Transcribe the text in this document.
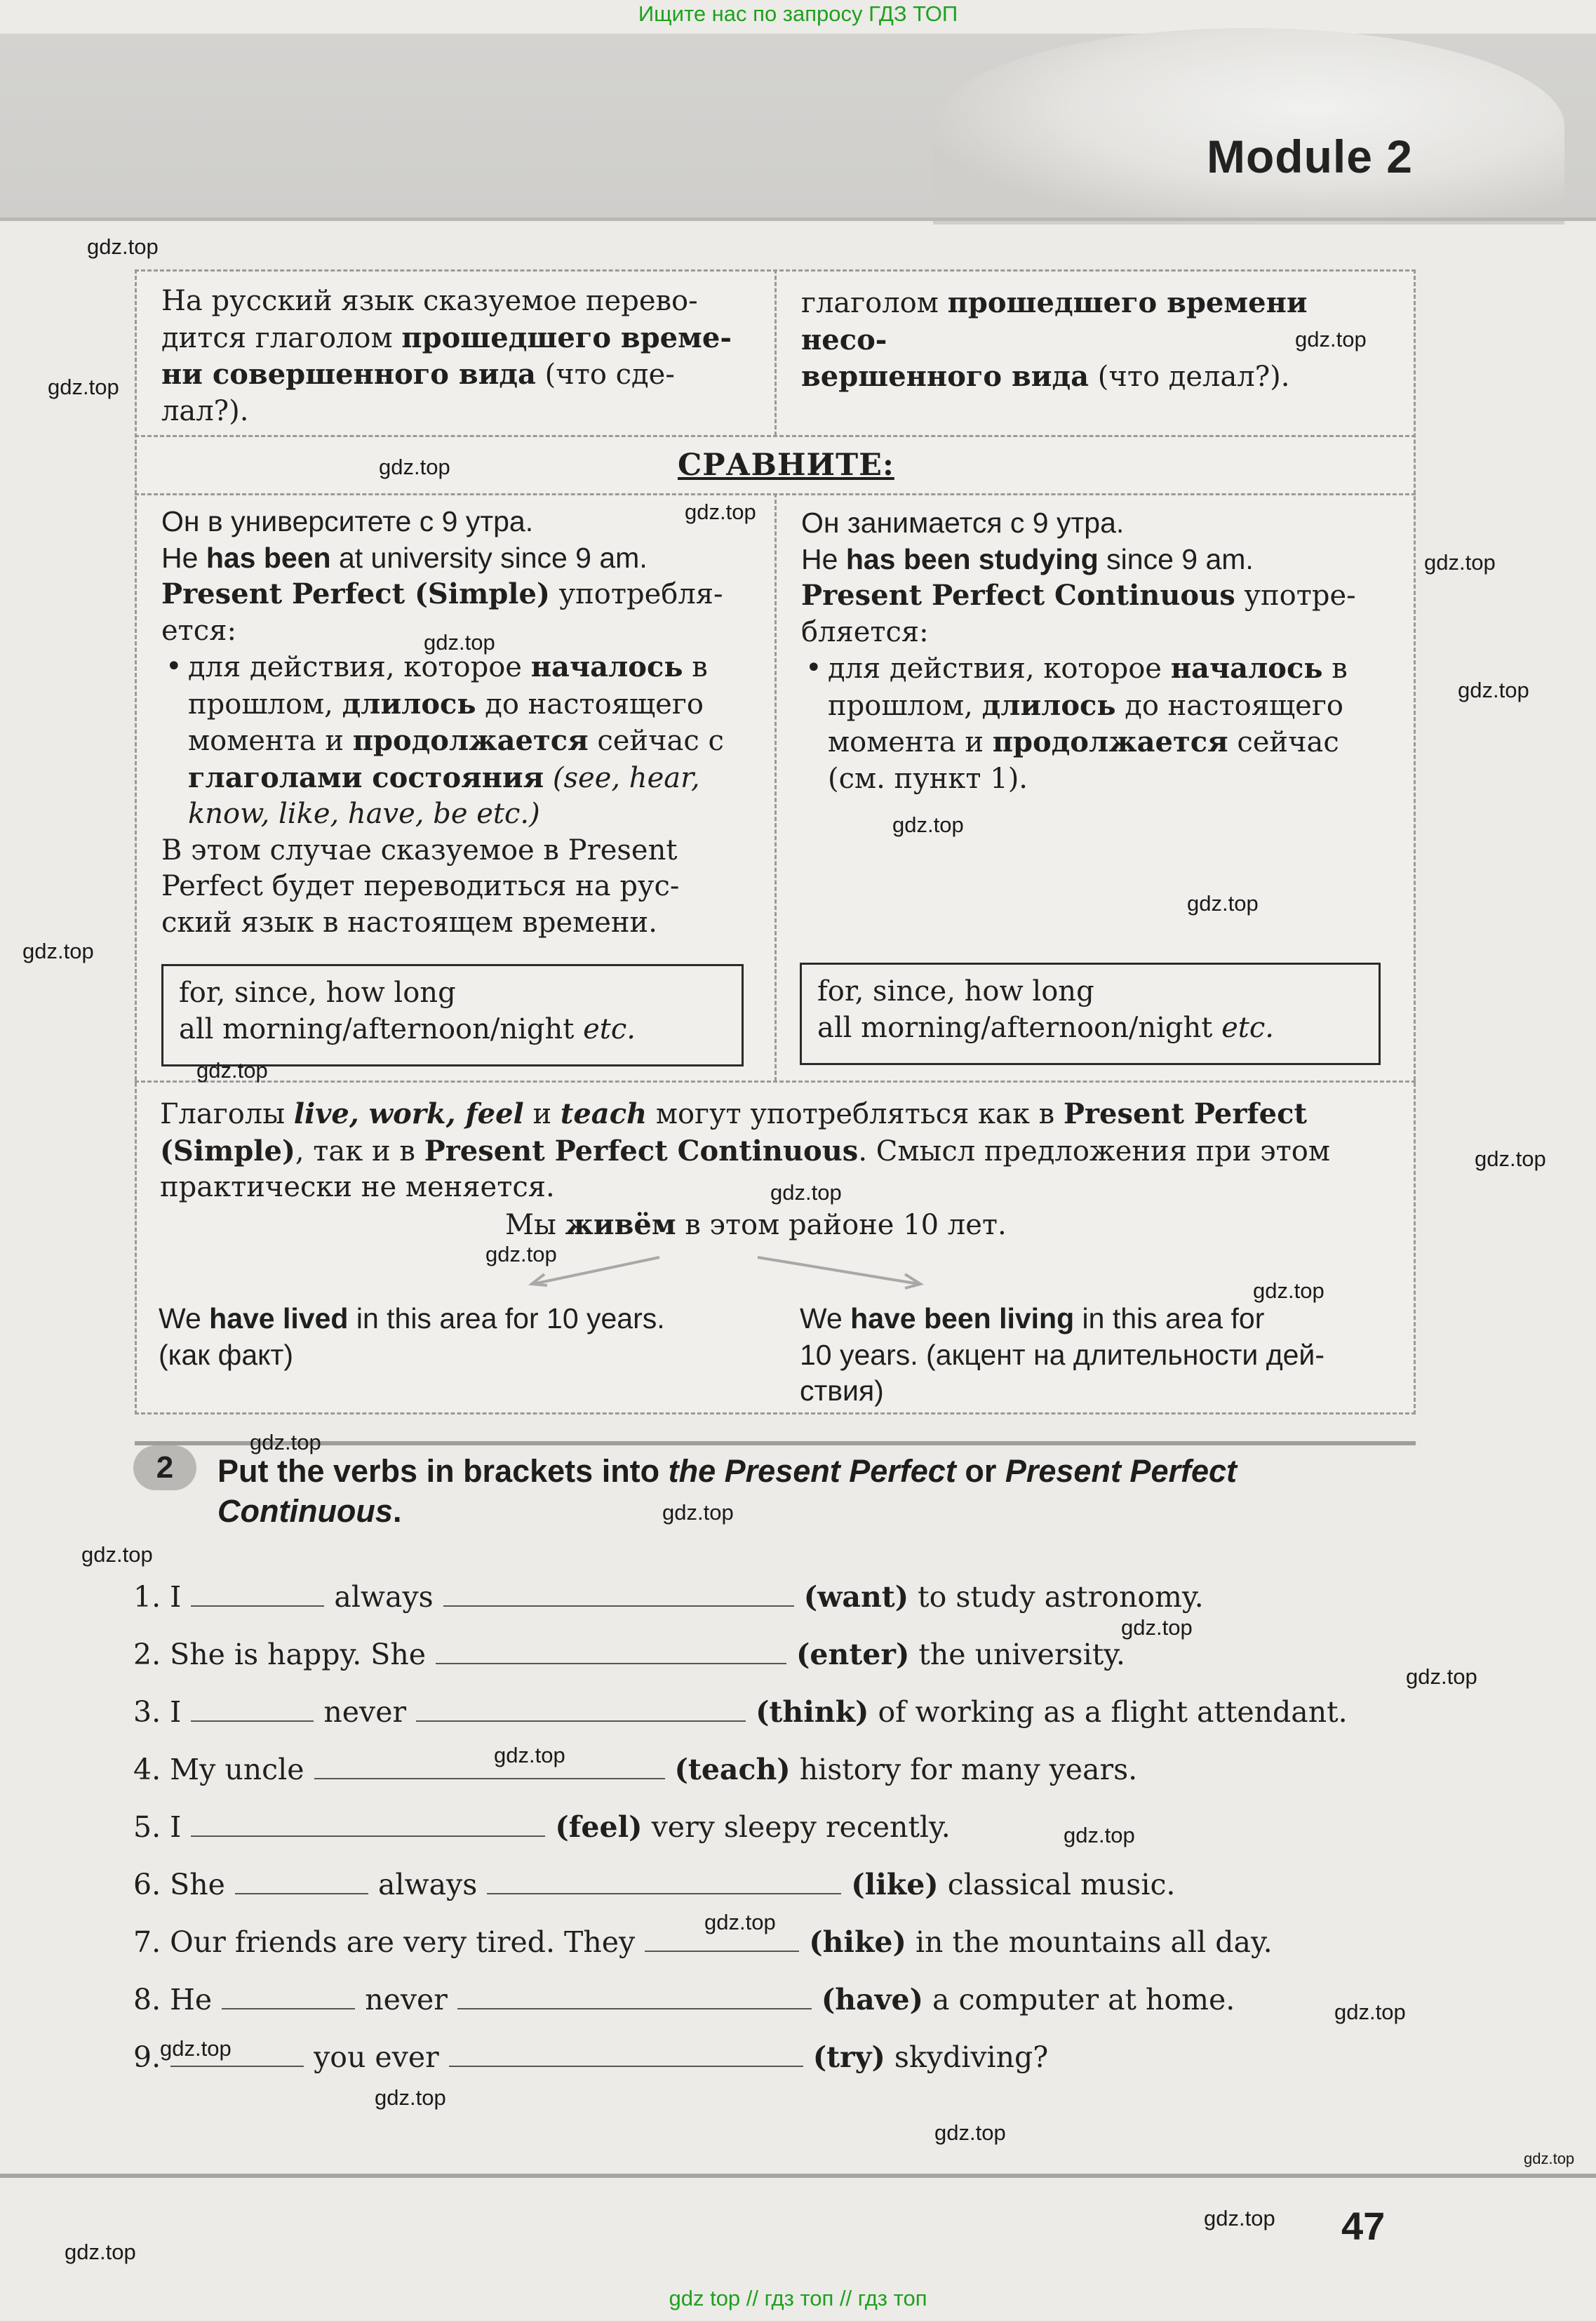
Ищите нас по запросу ГДЗ ТОП
Module 2
На русский язык сказуемое перево-
дится глаголом прошедшего време-
ни совершенного вида (что сде-
лал?).
глаголом прошедшего времени несо-
вершенного вида (что делал?).
СРАВНИТЕ:
Он в университете с 9 утра.
He has been at university since 9 am.
Present Perfect (Simple) употребля-
ется:
• для действия, которое началось в
прошлом, длилось до настоящего
момента и продолжается сейчас с
глаголами состояния (see, hear,
know, like, have, be etc.)
В этом случае сказуемое в Present
Perfect будет переводиться на рус-
ский язык в настоящем времени.
for, since, how long
all morning/afternoon/night etc.
Он занимается с 9 утра.
He has been studying since 9 am.
Present Perfect Continuous употре-
бляется:
• для действия, которое началось в
прошлом, длилось до настоящего
момента и продолжается сейчас
(см. пункт 1).
for, since, how long
all morning/afternoon/night etc.
Глаголы live, work, feel и teach могут употребляться как в Present Perfect
(Simple), так и в Present Perfect Continuous. Смысл предложения при этом
практически не меняется.
Мы живём в этом районе 10 лет.
We have lived in this area for 10 years.
(как факт)
We have been living in this area for
10 years. (акцент на длительности дей-
ствия)
2	Put the verbs in brackets into the Present Perfect or Present Perfect
Continuous.
1. I	always	(want) to study astronomy.
2. She is happy. She	(enter) the university.
3. I	never	(think) of working as a flight attendant.
4. My uncle	(teach) history for many years.
5. I	(feel) very sleepy recently.
6. She	always	(like) classical music.
7. Our friends are very tired. They	(hike) in the mountains all day.
8. He	never	(have) a computer at home.
9.	you ever	(try) skydiving?
47
gdz top // гдз топ // гдз топ
gdz.top
gdz.top
gdz.top
gdz.top
gdz.top
gdz.top
gdz.top
gdz.top
gdz.top
gdz.top
gdz.top
gdz.top
gdz.top
gdz.top
gdz.top
gdz.top
gdz.top
gdz.top
gdz.top
gdz.top
gdz.top
gdz.top
gdz.top
gdz.top
gdz.top
gdz.top
gdz.top
gdz.top
gdz.top
gdz.top
gdz.top
